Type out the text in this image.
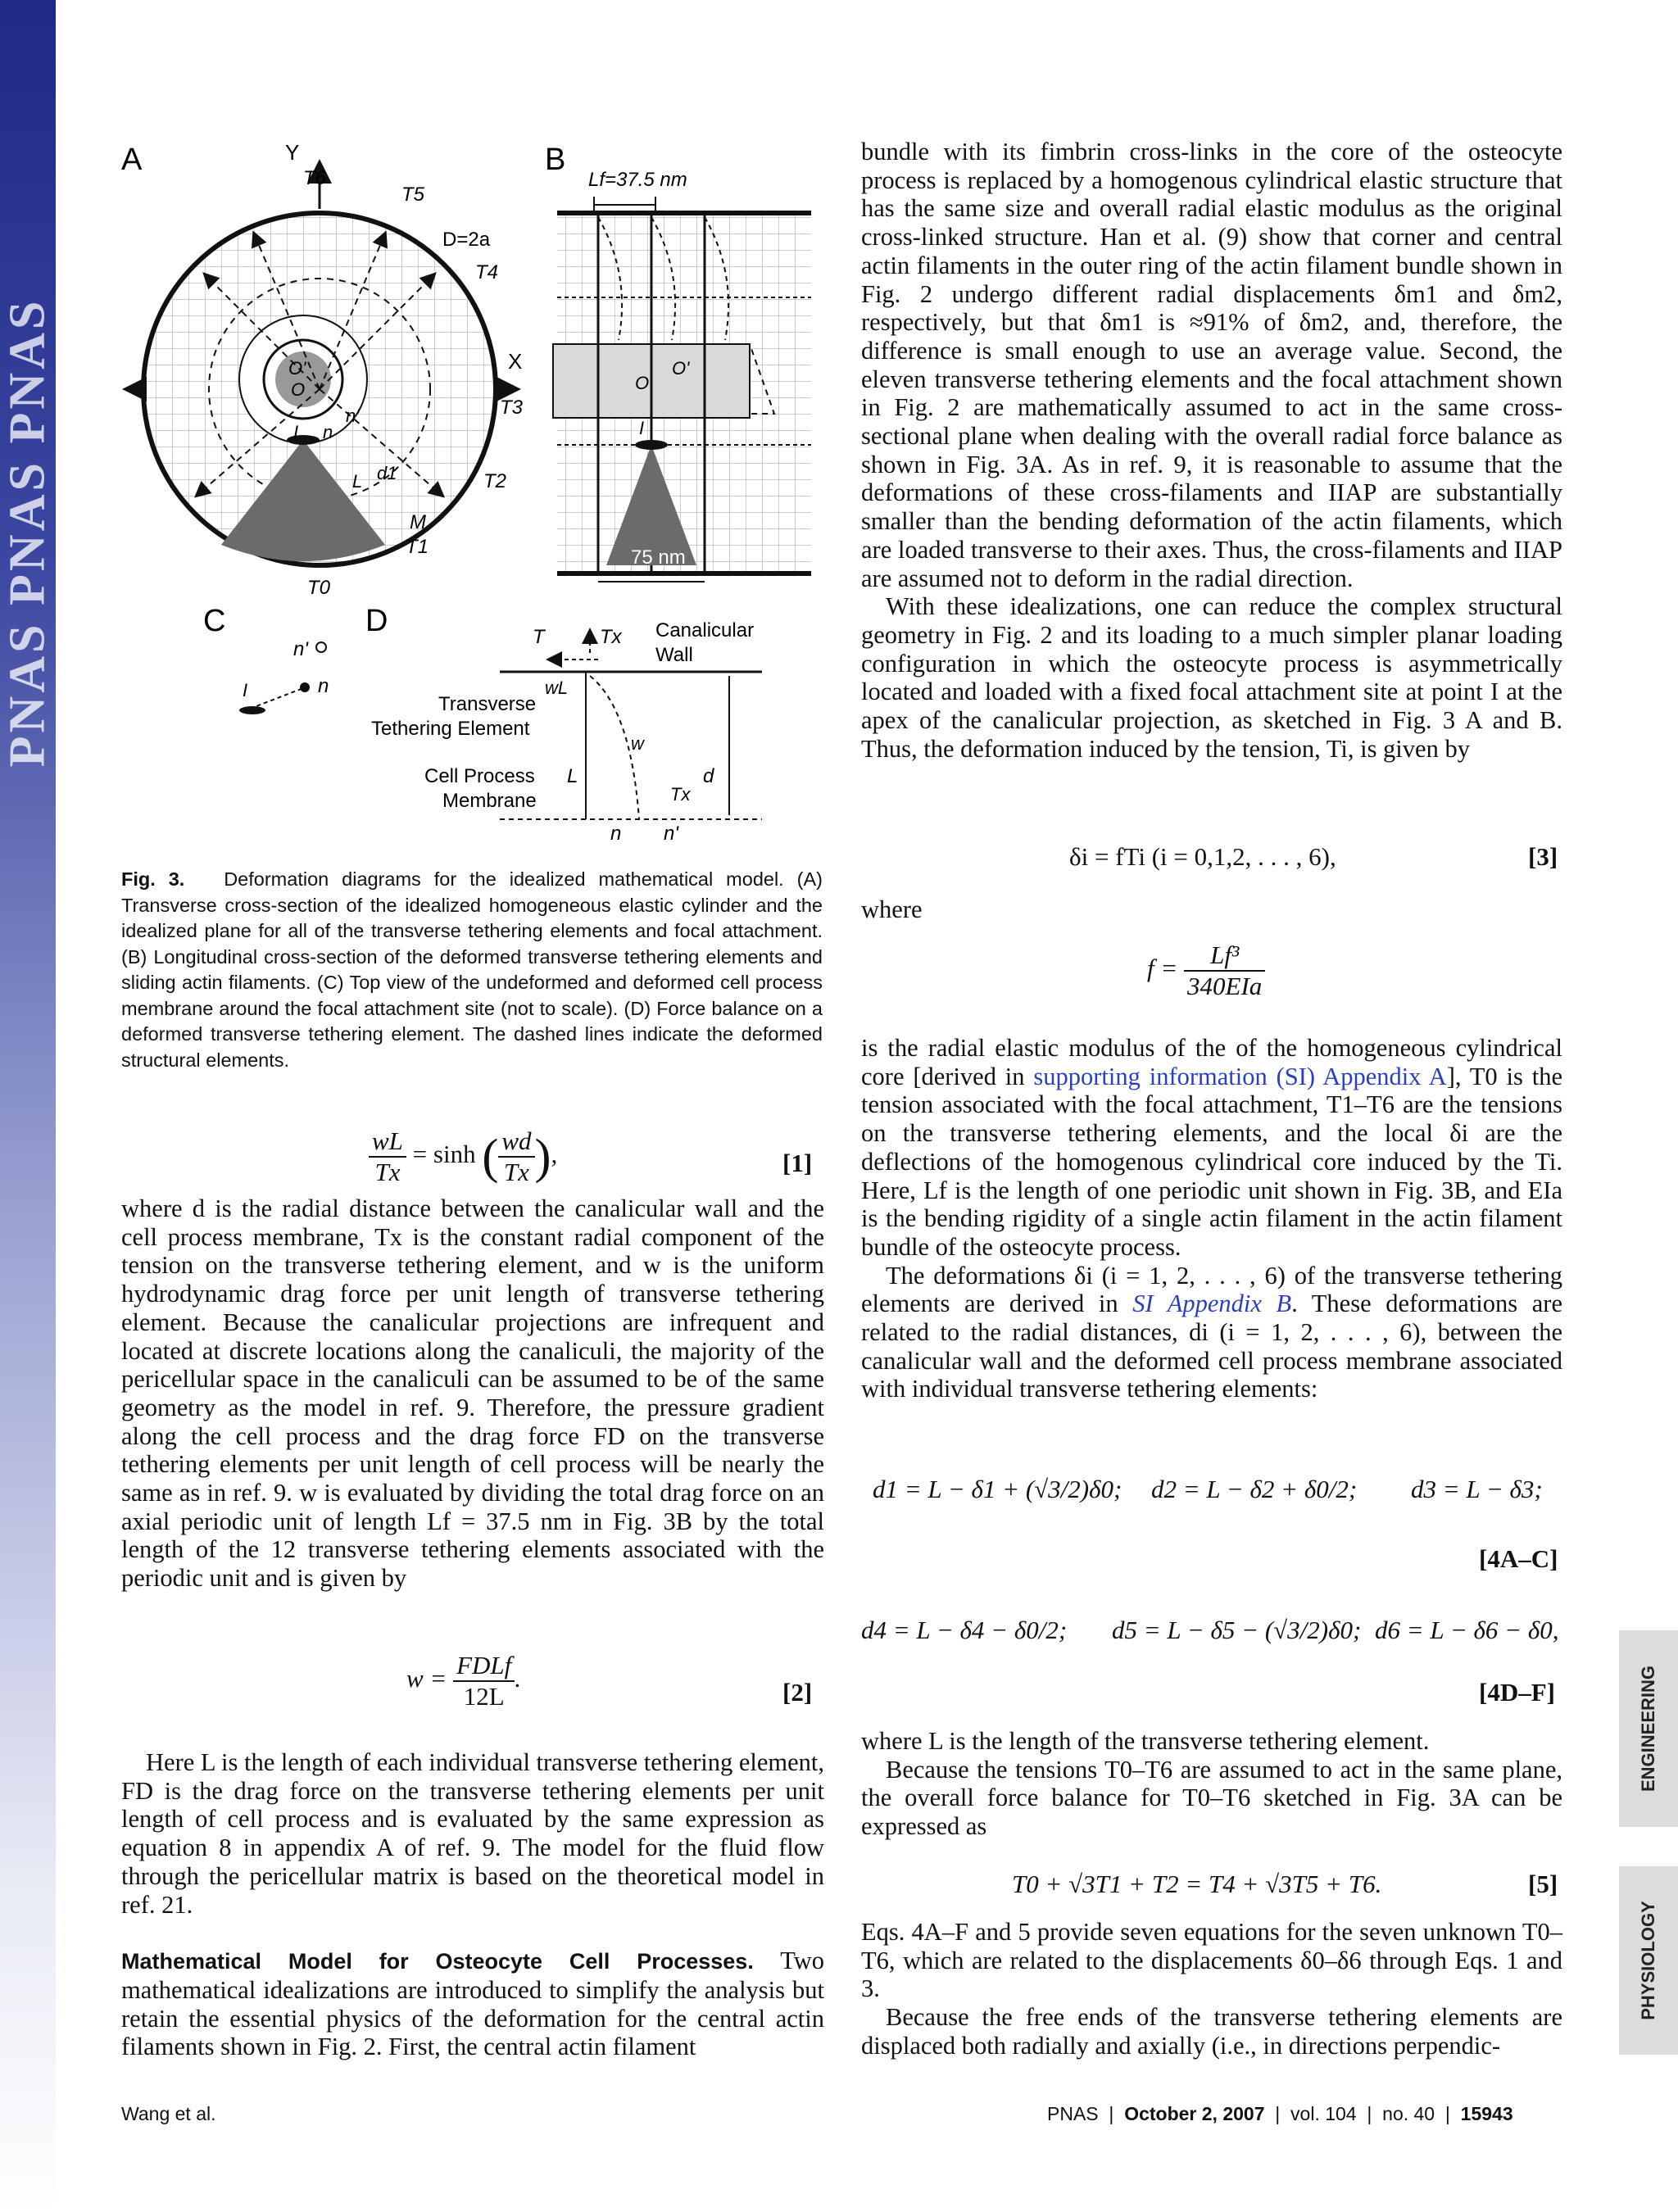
PNAS PNAS PNAS
A	Y
T6
T5
D=2a
T4
X
T3
T2
M
T1
T0
O'
O
n'
n
I
d1
L
B
Lf=37.5 nm
O'
O
I
75 nm
C
n'
I	n
D	T	Tx Canalicular
Wall
wL
Transverse
Tethering Element
w
Cell Process
Membrane
L	d
Tx
n n'
Fig. 3. Deformation diagrams for the idealized mathematical model. (A) Transverse cross-section of the idealized homogeneous elastic cylinder and the idealized plane for all of the transverse tethering elements and focal attachment. (B) Longitudinal cross-section of the deformed transverse tethering elements and sliding actin filaments. (C) Top view of the undeformed and deformed cell process membrane around the focal attachment site (not to scale). (D) Force balance on a deformed transverse tethering element. The dashed lines indicate the deformed structural elements.
$\frac{wL}{Tx} = \sinh$ ( $\frac{wd}{Tx}$ ),	[1]

where d is the radial distance between the canalicular wall and the cell process membrane, Tx is the constant radial component of the tension on the transverse tethering element, and w is the uniform hydrodynamic drag force per unit length of transverse tethering element. Because the canalicular projections are infrequent and located at discrete locations along the canaliculi, the majority of the pericellular space in the canaliculi can be assumed to be of the same geometry as the model in ref. 9. Therefore, the pressure gradient along the cell process and the drag force FD on the transverse tethering elements per unit length of cell process will be nearly the same as in ref. 9. w is evaluated by dividing the total drag force on an axial periodic unit of length Lf = 37.5 nm in Fig. 3B by the total length of the 12 transverse tethering elements associated with the periodic unit and is given by

$w = \frac{\text{FDLf}}{12L}$ .	[2]

Here L is the length of each individual transverse tethering element, FD is the drag force on the transverse tethering elements per unit length of cell process and is evaluated by the same expression as equation 8 in appendix A of ref. 9. The model for the fluid flow through the pericellular matrix is based on the theoretical model in ref. 21.

Mathematical Model for Osteocyte Cell Processes. Two mathematical idealizations are introduced to simplify the analysis but retain the essential physics of the deformation for the central actin filaments shown in Fig. 2. First, the central actin filament

bundle with its fimbrin cross-links in the core of the osteocyte process is replaced by a homogenous cylindrical elastic structure that has the same size and overall radial elastic modulus as the original cross-linked structure. Han et al. (9) show that corner and central actin filaments in the outer ring of the actin filament bundle shown in Fig. 2 undergo different radial displacements δm1 and δm2, respectively, but that δm1 is ≈91% of δm2, and, therefore, the difference is small enough to use an average value. Second, the eleven transverse tethering elements and the focal attachment shown in Fig. 2 are mathematically assumed to act in the same cross-sectional plane when dealing with the overall radial force balance as shown in Fig. 3A. As in ref. 9, it is reasonable to assume that the deformations of these cross-filaments and IIAP are substantially smaller than the bending deformation of the actin filaments, which are loaded transverse to their axes. Thus, the cross-filaments and IIAP are assumed not to deform in the radial direction.

With these idealizations, one can reduce the complex structural geometry in Fig. 2 and its loading to a much simpler planar loading configuration in which the osteocyte process is asymmetrically located and loaded with a fixed focal attachment site at point I at the apex of the canalicular projection, as sketched in Fig. 3 A and B. Thus, the deformation induced by the tension, Ti, is given by

δi = fTi (i = 0,1,2, . . . , 6),	[3]
where
$f = \frac{\text{Lf³}}{\text{340EIa}}$

is the radial elastic modulus of the of the homogeneous cylindrical core [derived in supporting information (SI) Appendix A], T0 is the tension associated with the focal attachment, T1–T6 are the tensions on the transverse tethering elements, and the local δi are the deflections of the homogenous cylindrical core induced by the Ti. Here, Lf is the length of one periodic unit shown in Fig. 3B, and EIa is the bending rigidity of a single actin filament in the actin filament bundle of the osteocyte process.

The deformations δi (i = 1, 2, . . . , 6) of the transverse tethering elements are derived in SI Appendix B. These deformations are related to the radial distances, di (i = 1, 2, . . . , 6), between the canalicular wall and the deformed cell process membrane associated with individual transverse tethering elements:

d1 = L − δ1 + (√3/2)δ0; d2 = L − δ2 + δ0/2; d3 = L − δ3;
[4A–C]
d4 = L − δ4 − δ0/2; d5 = L − δ5 − (√3/2)δ0; d6 = L − δ6 − δ0,
[4D–F]

where L is the length of the transverse tethering element.

Because the tensions T0–T6 are assumed to act in the same plane, the overall force balance for T0–T6 sketched in Fig. 3A can be expressed as

T0 + √3T1 + T2 = T4 + √3T5 + T6.	[5]

Eqs. 4A–F and 5 provide seven equations for the seven unknown T0–T6, which are related to the displacements δ0–δ6 through Eqs. 1 and 3.

Because the free ends of the transverse tethering elements are displaced both radially and axially (i.e., in directions perpendic-

ENGINEERING
PHYSIOLOGY
Wang et al.	PNAS  |  October 2, 2007  |  vol. 104  |  no. 40  |  15943
